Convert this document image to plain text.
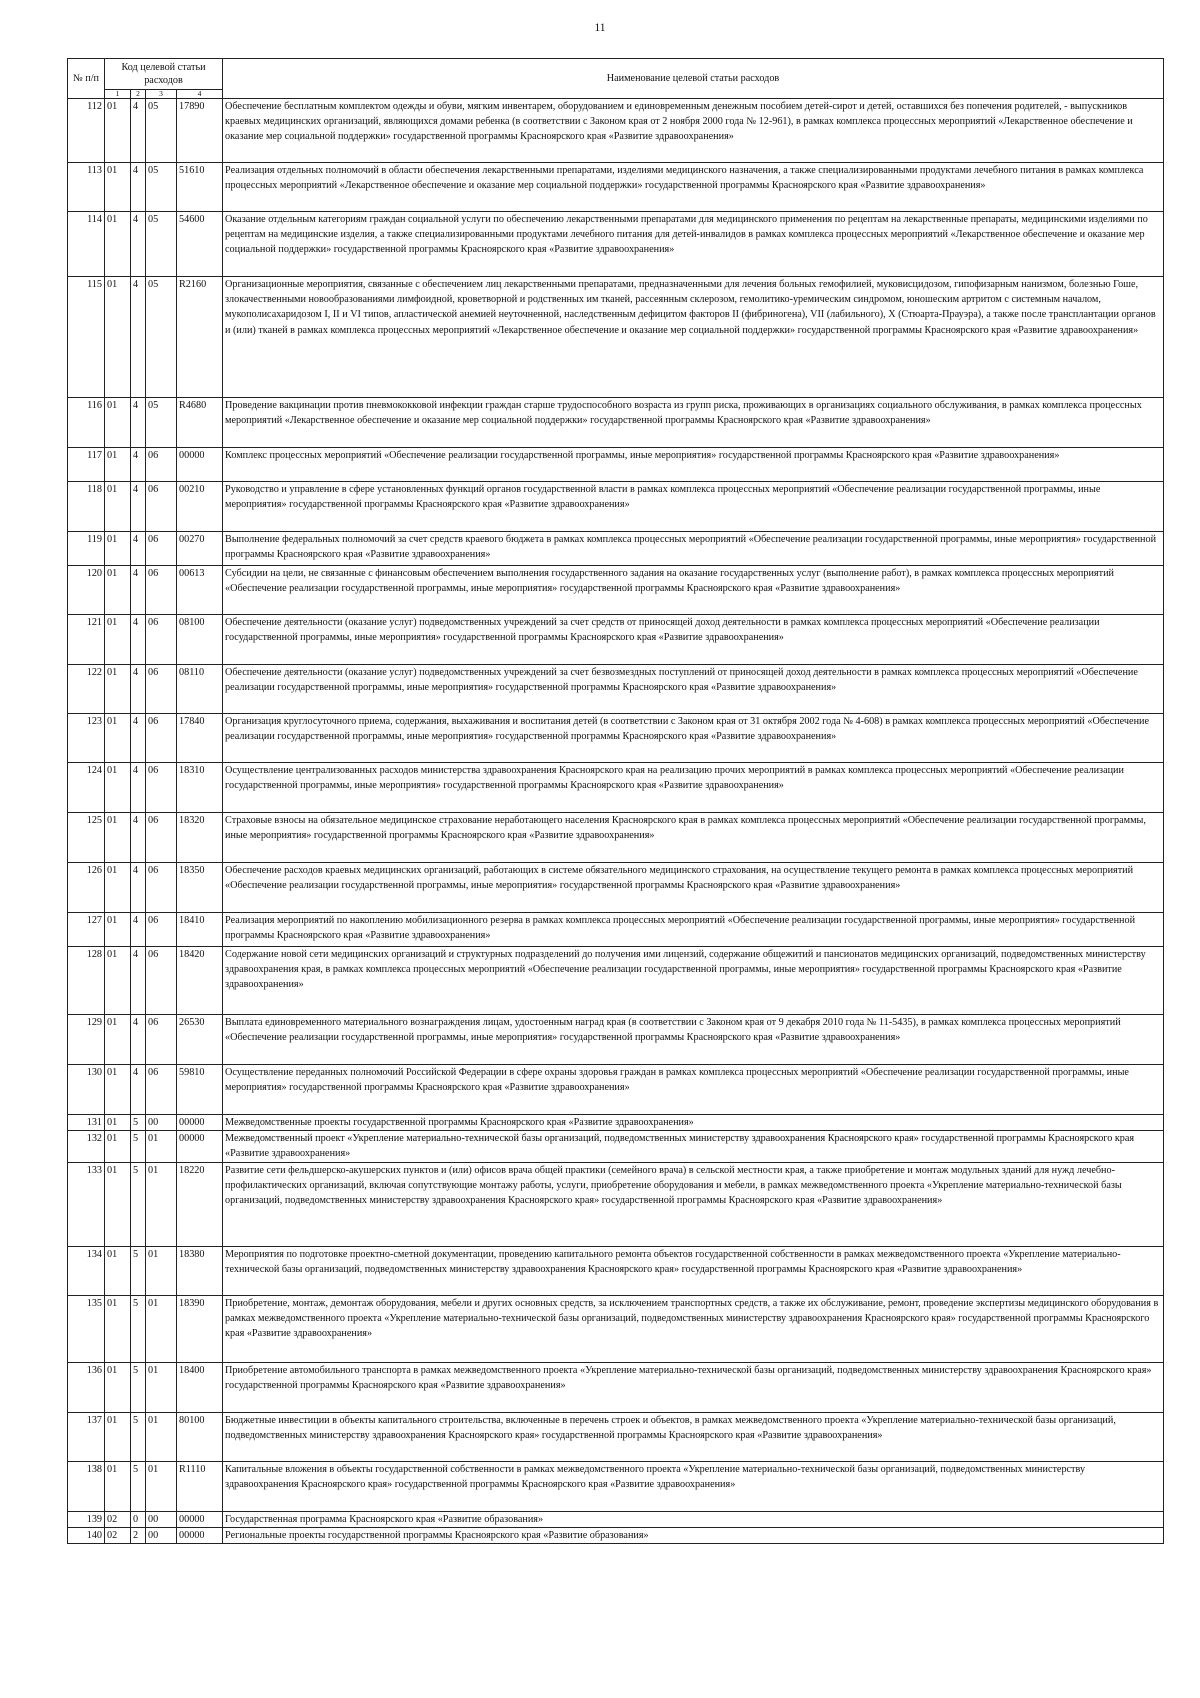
11
№ п/п	Код целевой статьи расходов				Наименование целевой статьи расходов
	1	2	3	4	
112	01	4	05	17890	Обеспечение бесплатным комплектом одежды и обуви, мягким инвентарем, оборудованием и единовременным денежным пособием детей-сирот и детей, оставшихся без попечения родителей, - выпускников краевых медицинских организаций, являющихся домами ребенка (в соответствии с Законом края от 2 ноября 2000 года № 12-961), в рамках комплекса процессных мероприятий «Лекарственное обеспечение и оказание мер социальной поддержки» государственной программы Красноярского края «Развитие здравоохранения»
113	01	4	05	51610	Реализация отдельных полномочий в области обеспечения лекарственными препаратами, изделиями медицинского назначения, а также специализированными продуктами лечебного питания в рамках комплекса процессных мероприятий «Лекарственное обеспечение и оказание мер социальной поддержки» государственной программы Красноярского края «Развитие здравоохранения»
114	01	4	05	54600	Оказание отдельным категориям граждан социальной услуги по обеспечению лекарственными препаратами для медицинского применения по рецептам на лекарственные препараты, медицинскими изделиями по рецептам на медицинские изделия, а также специализированными продуктами лечебного питания для детей-инвалидов в рамках комплекса процессных мероприятий «Лекарственное обеспечение и оказание мер социальной поддержки» государственной программы Красноярского края «Развитие здравоохранения»
115	01	4	05	R2160	Организационные мероприятия, связанные с обеспечением лиц лекарственными препаратами, предназначенными для лечения больных гемофилией, муковисцидозом, гипофизарным нанизмом, болезнью Гоше, злокачественными новообразованиями лимфоидной, кроветворной и родственных им тканей, рассеянным склерозом, гемолитико-уремическим синдромом, юношеским артритом с системным началом, мукополисахаридозом I, II и VI типов, апластической анемией неуточненной, наследственным дефицитом факторов II (фибриногена), VII (лабильного), X (Стюарта-Прауэра), а также после трансплантации органов и (или) тканей в рамках комплекса процессных мероприятий «Лекарственное обеспечение и оказание мер социальной поддержки» государственной программы Красноярского края «Развитие здравоохранения»
116	01	4	05	R4680	Проведение вакцинации против пневмококковой инфекции граждан старше трудоспособного возраста из групп риска, проживающих в организациях социального обслуживания, в рамках комплекса процессных мероприятий «Лекарственное обеспечение и оказание мер социальной поддержки» государственной программы Красноярского края «Развитие здравоохранения»
117	01	4	06	00000	Комплекс процессных мероприятий «Обеспечение реализации государственной программы, иные мероприятия» государственной программы Красноярского края «Развитие здравоохранения»
118	01	4	06	00210	Руководство и управление в сфере установленных функций органов государственной власти в рамках комплекса процессных мероприятий «Обеспечение реализации государственной программы, иные мероприятия» государственной программы Красноярского края «Развитие здравоохранения»
119	01	4	06	00270	Выполнение федеральных полномочий за счет средств краевого бюджета в рамках комплекса процессных мероприятий «Обеспечение реализации государственной программы, иные мероприятия» государственной программы Красноярского края «Развитие здравоохранения»
120	01	4	06	00613	Субсидии на цели, не связанные с финансовым обеспечением выполнения государственного задания на оказание государственных услуг (выполнение работ), в рамках комплекса процессных мероприятий «Обеспечение реализации государственной программы, иные мероприятия» государственной программы Красноярского края «Развитие здравоохранения»
121	01	4	06	08100	Обеспечение деятельности (оказание услуг) подведомственных учреждений за счет средств от приносящей доход деятельности в рамках комплекса процессных мероприятий «Обеспечение реализации государственной программы, иные мероприятия» государственной программы Красноярского края «Развитие здравоохранения»
122	01	4	06	08110	Обеспечение деятельности (оказание услуг) подведомственных учреждений за счет безвозмездных поступлений от приносящей доход деятельности в рамках комплекса процессных мероприятий «Обеспечение реализации государственной программы, иные мероприятия» государственной программы Красноярского края «Развитие здравоохранения»
123	01	4	06	17840	Организация круглосуточного приема, содержания, выхаживания и воспитания детей (в соответствии с Законом края от 31 октября 2002 года № 4-608) в рамках комплекса процессных мероприятий «Обеспечение реализации государственной программы, иные мероприятия» государственной программы Красноярского края «Развитие здравоохранения»
124	01	4	06	18310	Осуществление централизованных расходов министерства здравоохранения Красноярского края на реализацию прочих мероприятий в рамках комплекса процессных мероприятий «Обеспечение реализации государственной программы, иные мероприятия» государственной программы Красноярского края «Развитие здравоохранения»
125	01	4	06	18320	Страховые взносы на обязательное медицинское страхование неработающего населения Красноярского края в рамках комплекса процессных мероприятий «Обеспечение реализации государственной программы, иные мероприятия» государственной программы Красноярского края «Развитие здравоохранения»
126	01	4	06	18350	Обеспечение расходов краевых медицинских организаций, работающих в системе обязательного медицинского страхования, на осуществление текущего ремонта в рамках комплекса процессных мероприятий «Обеспечение реализации государственной программы, иные мероприятия» государственной программы Красноярского края «Развитие здравоохранения»
127	01	4	06	18410	Реализация мероприятий по накоплению мобилизационного резерва в рамках комплекса процессных мероприятий «Обеспечение реализации государственной программы, иные мероприятия» государственной программы Красноярского края «Развитие здравоохранения»
128	01	4	06	18420	Содержание новой сети медицинских организаций и структурных подразделений до получения ими лицензий, содержание общежитий и пансионатов медицинских организаций, подведомственных министерству здравоохранения края, в рамках комплекса процессных мероприятий «Обеспечение реализации государственной программы, иные мероприятия» государственной программы Красноярского края «Развитие здравоохранения»
129	01	4	06	26530	Выплата единовременного материального вознаграждения лицам, удостоенным наград края (в соответствии с Законом края от 9 декабря 2010 года № 11-5435), в рамках комплекса процессных мероприятий «Обеспечение реализации государственной программы, иные мероприятия» государственной программы Красноярского края «Развитие здравоохранения»
130	01	4	06	59810	Осуществление переданных полномочий Российской Федерации в сфере охраны здоровья граждан в рамках комплекса процессных мероприятий «Обеспечение реализации государственной программы, иные мероприятия» государственной программы Красноярского края «Развитие здравоохранения»
131	01	5	00	00000	Межведомственные проекты государственной программы Красноярского края «Развитие здравоохранения»
132	01	5	01	00000	Межведомственный проект «Укрепление материально-технической базы организаций, подведомственных министерству здравоохранения Красноярского края» государственной программы Красноярского края «Развитие здравоохранения»
133	01	5	01	18220	Развитие сети фельдшерско-акушерских пунктов и (или) офисов врача общей практики (семейного врача) в сельской местности края, а также приобретение и монтаж модульных зданий для нужд лечебно-профилактических организаций, включая сопутствующие монтажу работы, услуги, приобретение оборудования и мебели, в рамках межведомственного проекта «Укрепление материально-технической базы организаций, подведомственных министерству здравоохранения Красноярского края» государственной программы Красноярского края «Развитие здравоохранения»
134	01	5	01	18380	Мероприятия по подготовке проектно-сметной документации, проведению капитального ремонта объектов государственной собственности в рамках межведомственного проекта «Укрепление материально-технической базы организаций, подведомственных министерству здравоохранения Красноярского края» государственной программы Красноярского края «Развитие здравоохранения»
135	01	5	01	18390	Приобретение, монтаж, демонтаж оборудования, мебели и других основных средств, за исключением транспортных средств, а также их обслуживание, ремонт, проведение экспертизы медицинского оборудования в рамках межведомственного проекта «Укрепление материально-технической базы организаций, подведомственных министерству здравоохранения Красноярского края» государственной программы Красноярского края «Развитие здравоохранения»
136	01	5	01	18400	Приобретение автомобильного транспорта в рамках межведомственного проекта «Укрепление материально-технической базы организаций, подведомственных министерству здравоохранения Красноярского края» государственной программы Красноярского края «Развитие здравоохранения»
137	01	5	01	80100	Бюджетные инвестиции в объекты капитального строительства, включенные в перечень строек и объектов, в рамках межведомственного проекта «Укрепление материально-технической базы организаций, подведомственных министерству здравоохранения Красноярского края» государственной программы Красноярского края «Развитие здравоохранения»
138	01	5	01	R1110	Капитальные вложения в объекты государственной собственности в рамках межведомственного проекта «Укрепление материально-технической базы организаций, подведомственных министерству здравоохранения Красноярского края» государственной программы Красноярского края «Развитие здравоохранения»
139	02	0	00	00000	Государственная программа Красноярского края «Развитие образования»
140	02	2	00	00000	Региональные проекты государственной программы Красноярского края «Развитие образования»
